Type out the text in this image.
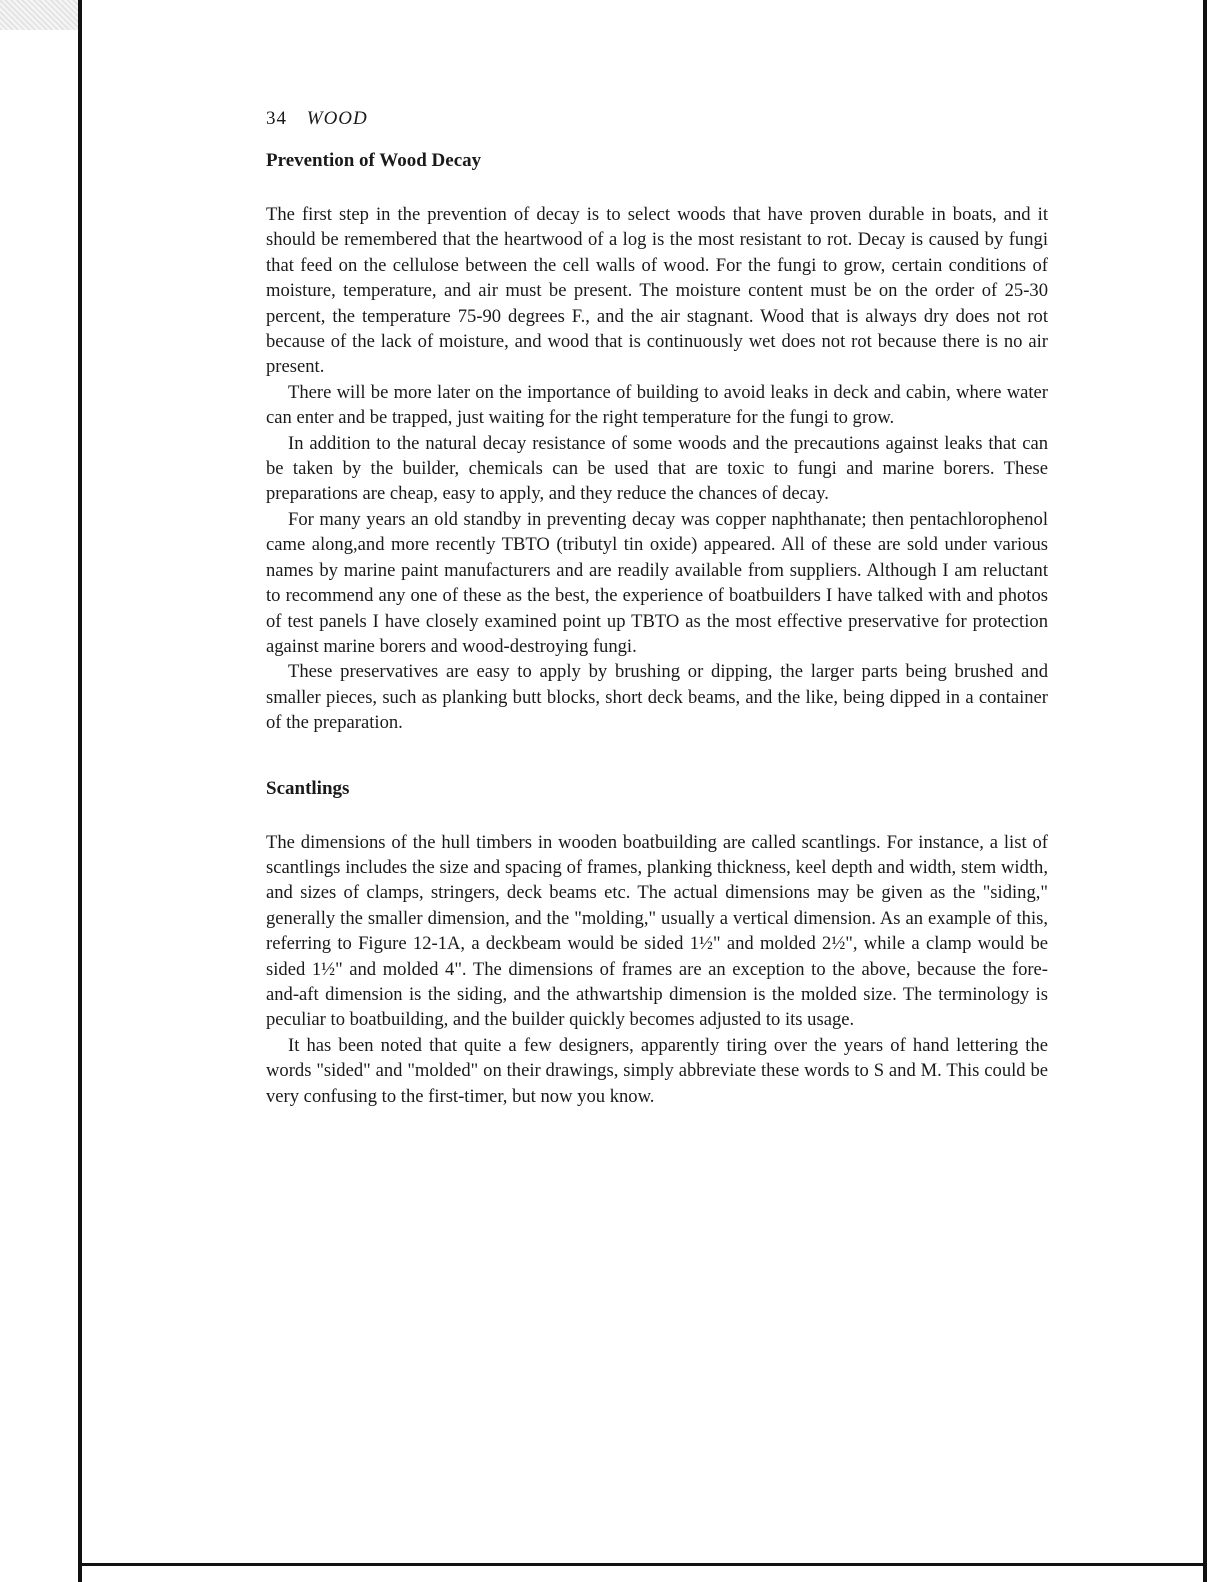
34 WOOD
Prevention of Wood Decay

The first step in the prevention of decay is to select woods that have proven durable in boats, and it should be remembered that the heartwood of a log is the most resistant to rot. Decay is caused by fungi that feed on the cellulose between the cell walls of wood. For the fungi to grow, certain conditions of moisture, temperature, and air must be present. The moisture content must be on the order of 25-30 percent, the temperature 75-90 degrees F., and the air stagnant. Wood that is always dry does not rot because of the lack of moisture, and wood that is continuously wet does not rot because there is no air present.

There will be more later on the importance of building to avoid leaks in deck and cabin, where water can enter and be trapped, just waiting for the right temperature for the fungi to grow.

In addition to the natural decay resistance of some woods and the precautions against leaks that can be taken by the builder, chemicals can be used that are toxic to fungi and marine borers. These preparations are cheap, easy to apply, and they reduce the chances of decay.

For many years an old standby in preventing decay was copper naphthanate; then pentachlorophenol came along,and more recently TBTO (tributyl tin oxide) appeared. All of these are sold under various names by marine paint manufacturers and are readily available from suppliers. Although I am reluctant to recommend any one of these as the best, the experience of boatbuilders I have talked with and photos of test panels I have closely examined point up TBTO as the most effective preservative for protection against marine borers and wood-destroying fungi.

These preservatives are easy to apply by brushing or dipping, the larger parts being brushed and smaller pieces, such as planking butt blocks, short deck beams, and the like, being dipped in a container of the preparation.

Scantlings

The dimensions of the hull timbers in wooden boatbuilding are called scantlings. For instance, a list of scantlings includes the size and spacing of frames, planking thickness, keel depth and width, stem width, and sizes of clamps, stringers, deck beams etc. The actual dimensions may be given as the "siding," generally the smaller dimension, and the "molding," usually a vertical dimension. As an example of this, referring to Figure 12-1A, a deckbeam would be sided 1½" and molded 2½", while a clamp would be sided 1½" and molded 4". The dimensions of frames are an exception to the above, because the fore-and-aft dimension is the siding, and the athwartship dimension is the molded size. The terminology is peculiar to boatbuilding, and the builder quickly becomes adjusted to its usage.

It has been noted that quite a few designers, apparently tiring over the years of hand lettering the words "sided" and "molded" on their drawings, simply abbreviate these words to S and M. This could be very confusing to the first-timer, but now you know.
